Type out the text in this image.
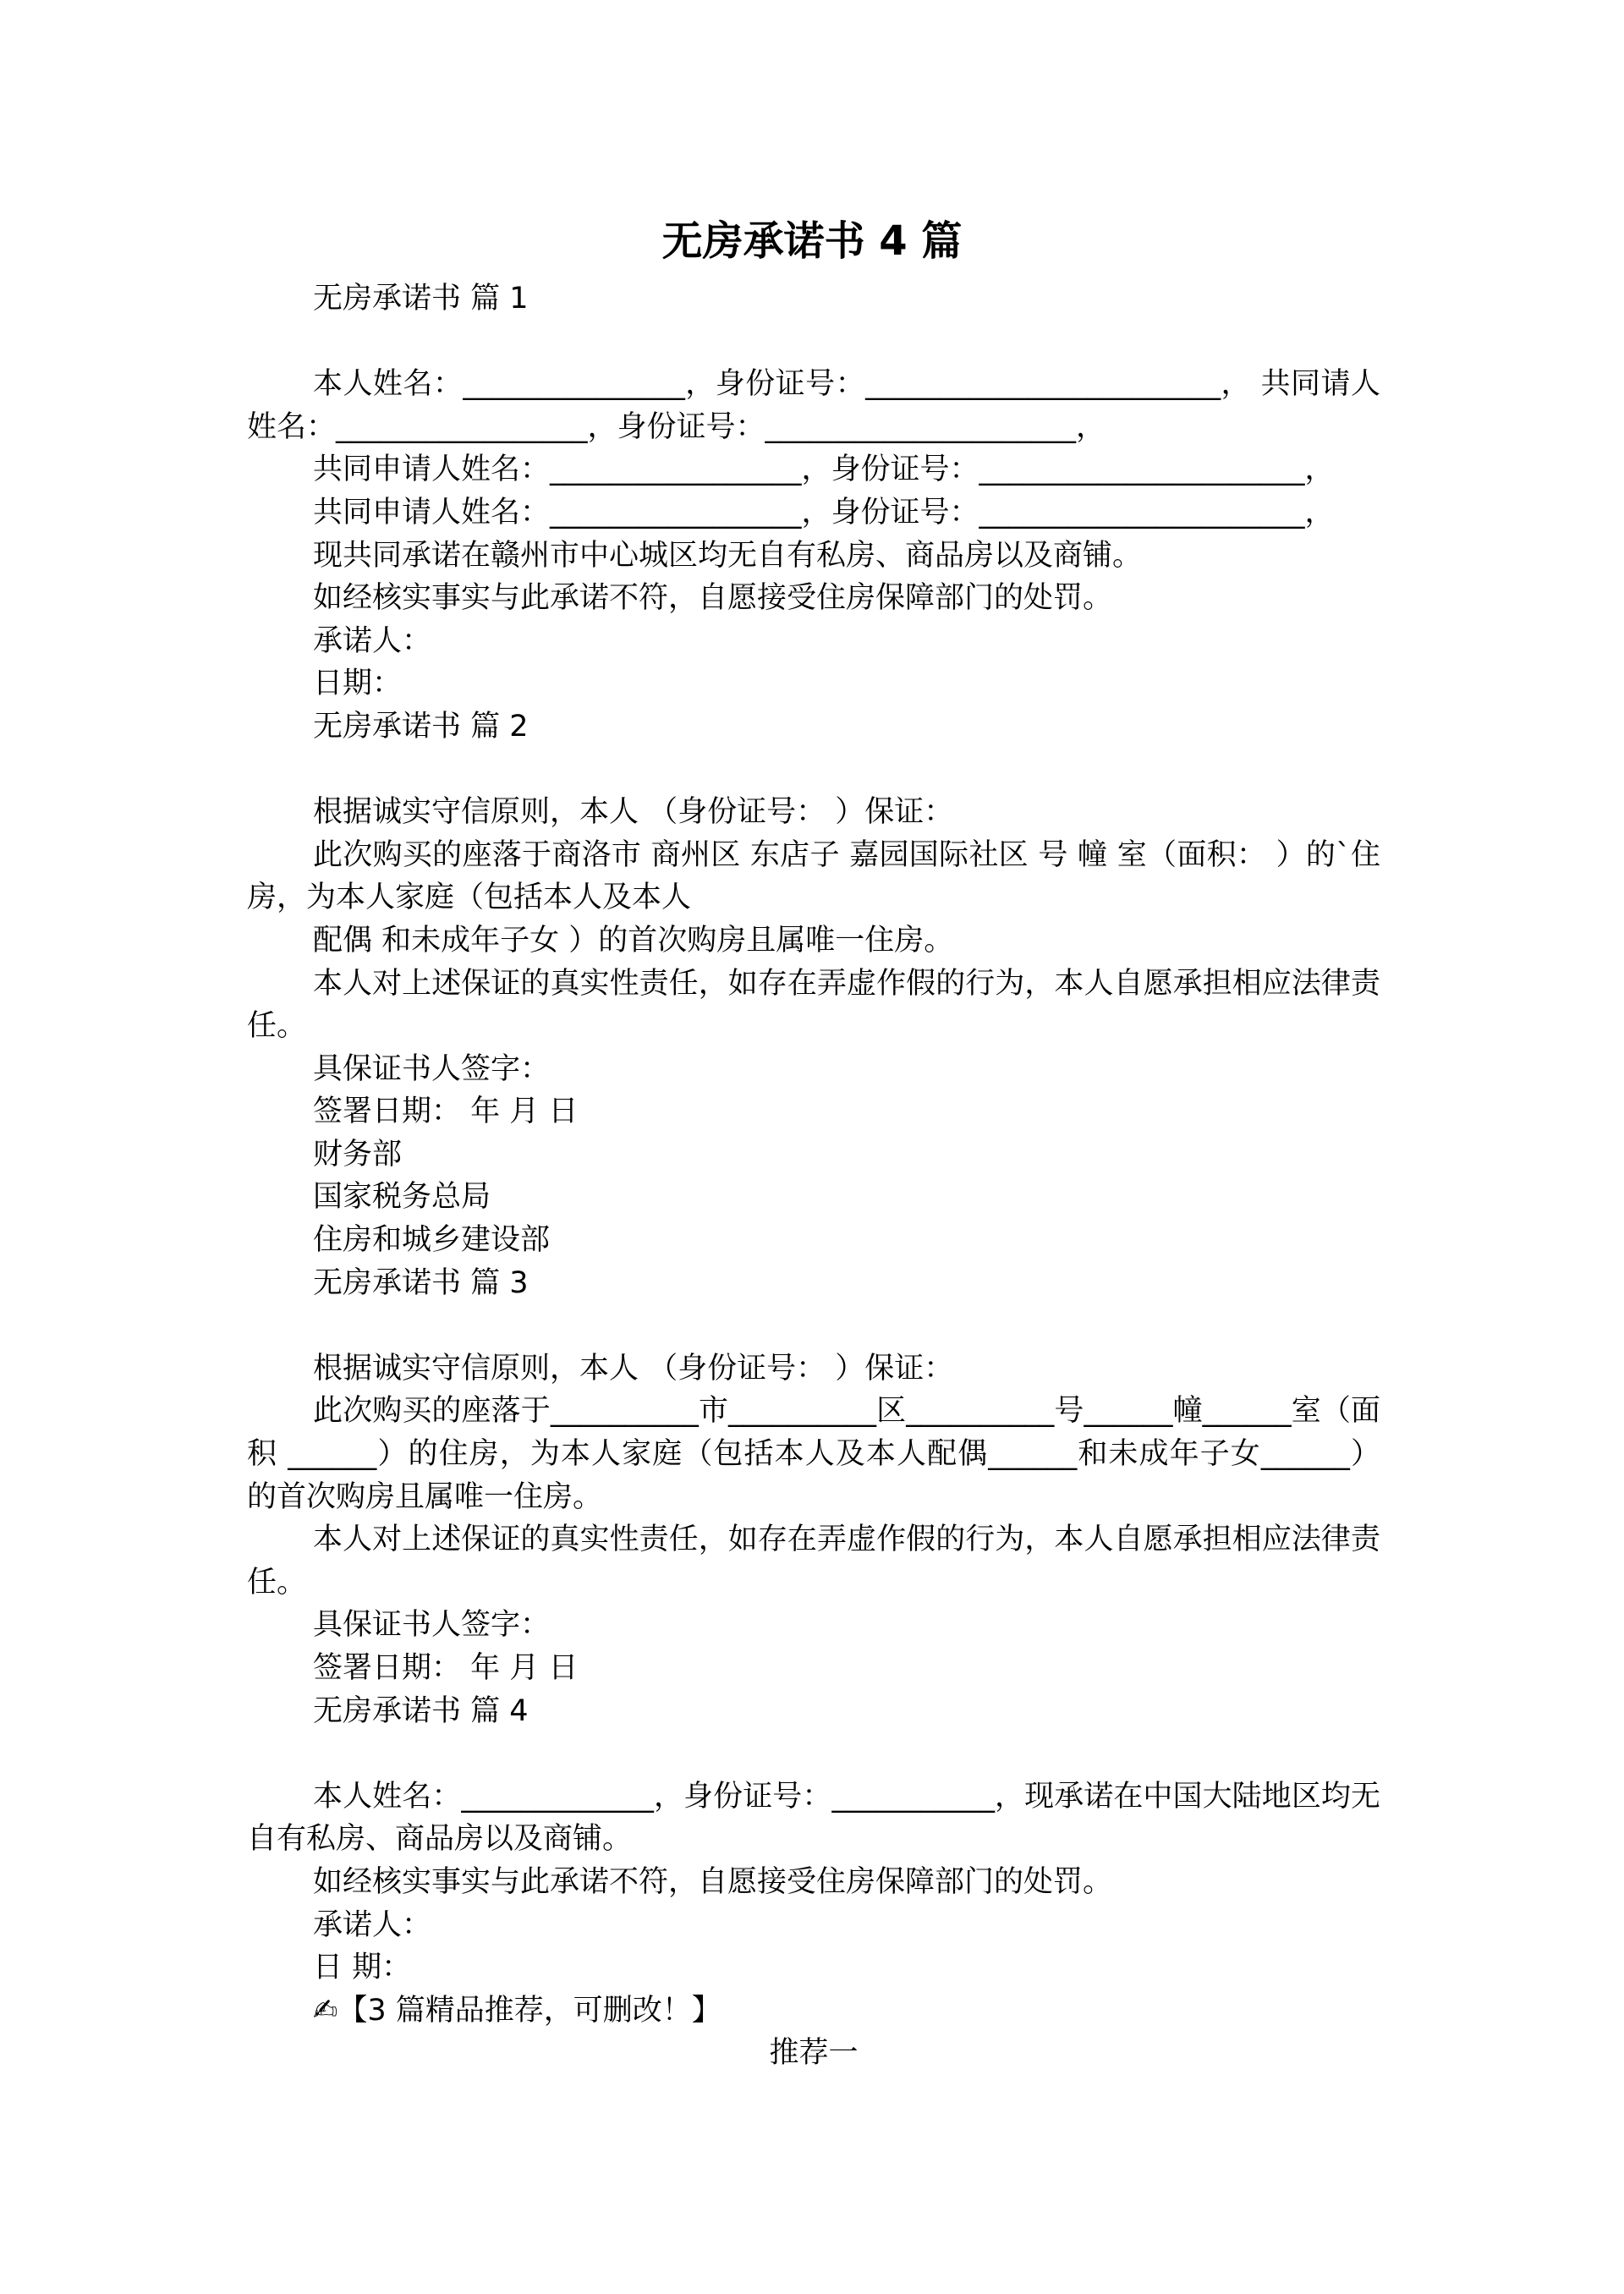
无房承诺书 4 篇
无房承诺书 篇 1
本人姓名：_______________，身份证号：________________________， 共同请人姓名：_________________，身份证号：_____________________，
共同申请人姓名：_________________，身份证号：______________________，
共同申请人姓名：_________________，身份证号：______________________，
现共同承诺在赣州市中心城区均无自有私房、商品房以及商铺。
如经核实事实与此承诺不符，自愿接受住房保障部门的处罚。
承诺人：
日期：
无房承诺书 篇 2
根据诚实守信原则，本人 （身份证号： ）保证：
此次购买的座落于商洛市 商州区 东店子 嘉园国际社区 号 幢 室（面积： ）的`住房，为本人家庭（包括本人及本人
配偶 和未成年子女 ）的首次购房且属唯一住房。
本人对上述保证的真实性责任，如存在弄虚作假的行为，本人自愿承担相应法律责任。
具保证书人签字：
签署日期： 年 月 日
财务部
国家税务总局
住房和城乡建设部
无房承诺书 篇 3
根据诚实守信原则，本人 （身份证号： ）保证：
此次购买的座落于__________市__________区__________号______幢______室（面积 ______）的住房，为本人家庭（包括本人及本人配偶______和未成年子女______）的首次购房且属唯一住房。
本人对上述保证的真实性责任，如存在弄虚作假的行为，本人自愿承担相应法律责任。
具保证书人签字：
签署日期： 年 月 日
无房承诺书 篇 4
本人姓名：_____________，身份证号：___________，现承诺在中国大陆地区均无自有私房、商品房以及商铺。
如经核实事实与此承诺不符，自愿接受住房保障部门的处罚。
承诺人：
日 期：
✍【3 篇精品推荐，可删改！】
推荐一
